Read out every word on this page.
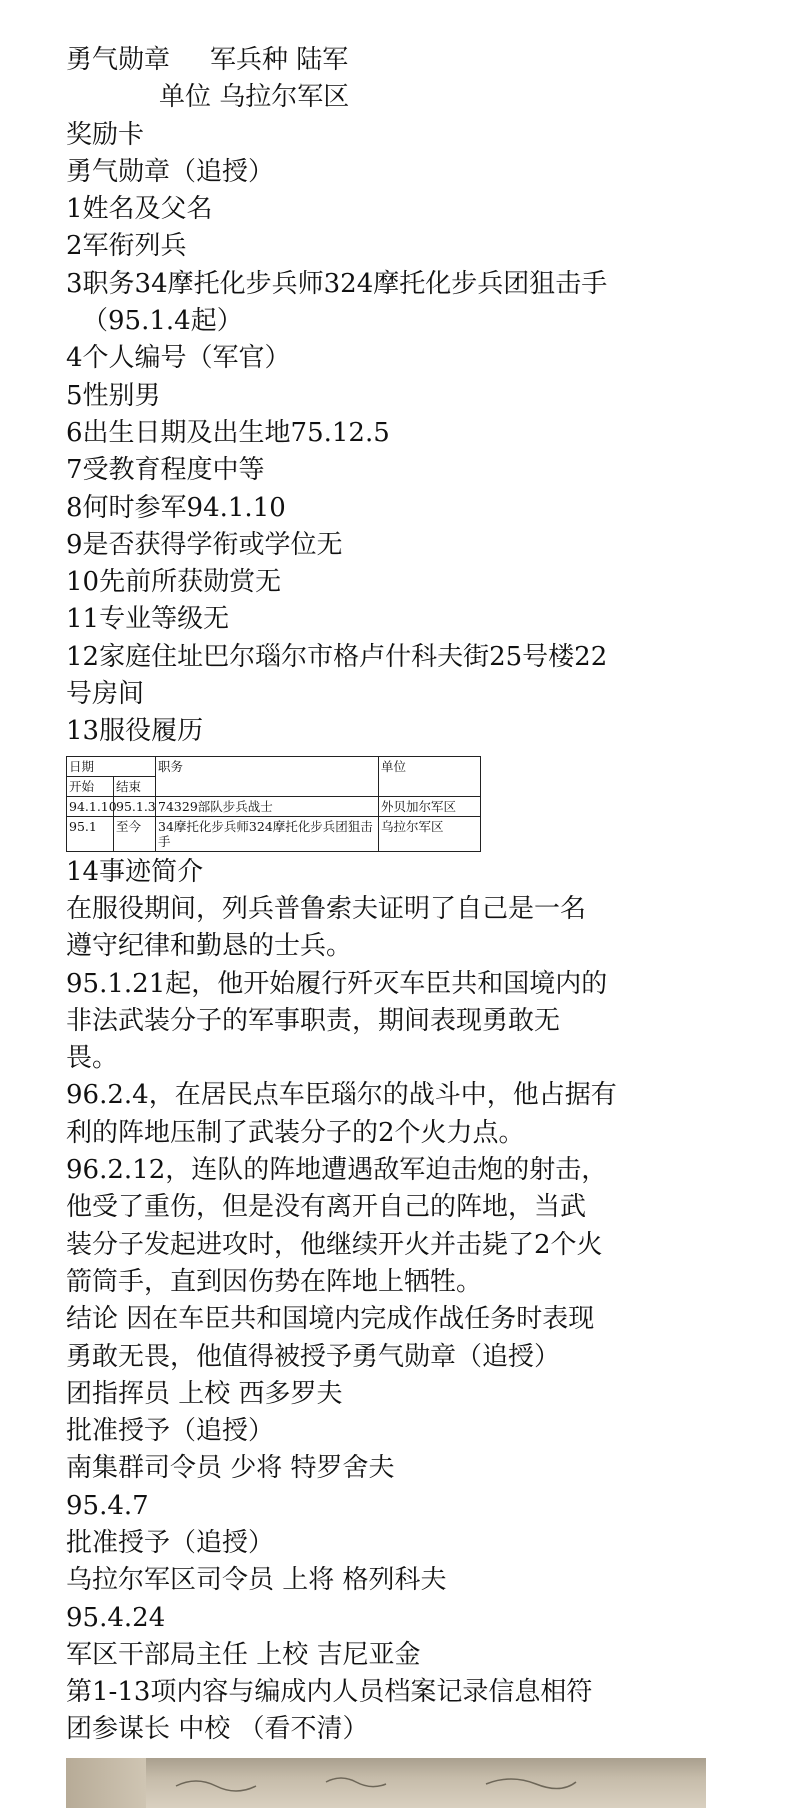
勇气勋章 军兵种 陆军

单位 乌拉尔军区

奖励卡

勇气勋章（追授）

1姓名及父名

2军衔列兵

3职务34摩托化步兵师324摩托化步兵团狙击手

（95.1.4起）

4个人编号（军官）

5性别男

6出生日期及出生地75.12.5

7受教育程度中等

8何时参军94.1.10

9是否获得学衔或学位无

10先前所获勋赏无

11专业等级无

12家庭住址巴尔瑙尔市格卢什科夫街25号楼22

号房间

13服役履历

日期		职务	单位
开始	结束		
94.1.10	95.1.3	74329部队步兵战士	外贝加尔军区
95.1	至今	34摩托化步兵师324摩托化步兵团狙击手	乌拉尔军区

14事迹简介

在服役期间，列兵普鲁索夫证明了自己是一名

遵守纪律和勤恳的士兵。

95.1.21起，他开始履行歼灭车臣共和国境内的

非法武装分子的军事职责，期间表现勇敢无

畏。

96.2.4，在居民点车臣瑙尔的战斗中，他占据有

利的阵地压制了武装分子的2个火力点。

96.2.12，连队的阵地遭遇敌军迫击炮的射击，

他受了重伤，但是没有离开自己的阵地，当武

装分子发起进攻时，他继续开火并击毙了2个火

箭筒手，直到因伤势在阵地上牺牲。

结论 因在车臣共和国境内完成作战任务时表现

勇敢无畏，他值得被授予勇气勋章（追授）

团指挥员 上校 西多罗夫

批准授予（追授）

南集群司令员 少将 特罗舍夫

95.4.7

批准授予（追授）

乌拉尔军区司令员 上将 格列科夫

95.4.24

军区干部局主任 上校 吉尼亚金

第1-13项内容与编成内人员档案记录信息相符

团参谋长 中校 （看不清）
